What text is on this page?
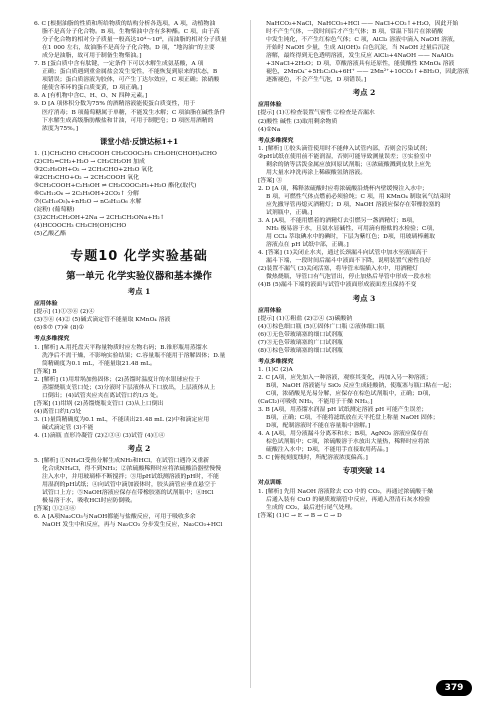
6. C [根据油脂的性质和所给物质的结构分析各选项，A 项，动植物油
脂不是高分子化合物。B 项，生物柴油中含有多种酯。C 项，由于高
分子化合物的相对分子质量一般高达10⁴～10⁶，而油脂的相对分子质量
在1 000 左右，故油脂不是高分子化合物。D 项，“地沟油”的主要
成分是油脂，故可用于制备生物柴油。]
7. B [蛋白质中含有肽键，一定条件下可以水解生成氨基酸，A 项
正确；蛋白质遇到重金属盐会发生变性，不能恢复到原来的状态，B
项错误；蛋白质溶液为胶体，可产生丁达尔效应，C 项正确；浓硝酸
能使含苯环的蛋白质变黄，D 项正确。]
8. A [有机物中含C、H、O、N 四种元素。]
9. D [A 项体积分数为75% 的酒精溶液能使蛋白质变性，用于
医疗消毒；B 项葡萄糖属于单糖，不能发生水解；C 项油脂在碱性条件
下水解生成高级脂肪酸盐和甘油，可用于制肥皂；D 项医用酒精的
浓度为75%。]
课堂小结·反馈达标1+1
1. (1)CH₃CHO CH₃COOH CH₃COOC₂H₅ CH₂OH(CHOH)₄CHO
(2)CH₂=CH₂+H₂O → CH₃CH₂OH 加成
③2C₂H₅OH+O₂ → 2CH₃CHO+2H₂O 氧化
④2CH₃CHO+O₂ → 2CH₃COOH 氧化
⑤CH₃COOH+C₂H₅OH ⇌ CH₃COOC₂H₅+H₂O 酯化(取代)
⑥C₆H₁₂O₆ → 2C₂H₅OH+2CO₂↑ 分解
⑦(C₆H₁₀O₅)ₙ+nH₂O → nC₆H₁₂O₆ 水解
(淀粉) (葡萄糖)
(3)2CH₃CH₂OH+2Na → 2CH₃CH₂ONa+H₂↑
(4)HCOOCH₃ CH₃CH(OH)CHO
(5)乙酸乙酯
专题10 化学实验基础
第一单元 化学实验仪器和基本操作
考点 1
应用体验
[提示] (1)①③⑥ (2)④
(3)⑤⑥ (4)② (5)碱式滴定管不能量取 KMnO₄ 溶液
(6)⑤⑦ (7)④ (8)①
考点多维探究
1. [解析] A.用托盘天平称量物质时应左物右码；B.锥形瓶用蒸馏水
洗净后不需干燥，不影响实验结果；C.容量瓶不能用于溶解固体；D.量
筒精确度为0.1 mL，不能量取21.48 mL。
[答案] B
2. [解析] (1)用坩埚加热固体；(2)蒸馏时温度计的水银球应位于
蒸馏烧瓶支管口处；(3)分液时下层液体从下口放出，上层液体从上
口倒出；(4)试管夹应夹在离试管口约1/3 处。
[答案] (1)坩埚 (2)蒸馏烧瓶支管口 (3)从上口倒出
(4)离管口约1/3处
3. (1)量筒精确度为0.1 mL，不能读出21.48 mL (2)中和滴定应用
碱式滴定管 (3)不能
4. (1)滴瓶 直形冷凝管 (2)②③④ (3)试管 (4)①④
考点 2
5. [解析] ①NH₄Cl受热分解生成NH₃和HCl，在试管口遇冷又重新
化合成NH₄Cl，得不到NH₃；②浓硫酸稀释时应将浓硫酸沿器壁慢慢
注入水中，并用玻璃棒不断搅拌；③用pH试纸测溶液的pH时，不能
用湿润的pH试纸；④向试管中滴加液体时，胶头滴管应垂直悬空于
试管口上方；⑤NaOH溶液应保存在带橡胶塞的试剂瓶中；⑥HCl
极易溶于水，吸收HCl时应防倒吸。
[答案] ①②④⑥
6. A [A项Na₂CO₃与NaOH都能与盐酸反应，可用于吸收多余
NaOH 发生中和反应，再与 Na₂CO₃ 分步发生反应，Na₂CO₃+HCl
NaHCO₃+NaCl，NaHCO₃+HCl —— NaCl+CO₂↑+H₂O，因此开始
时不产生气体，一段时间后才产生气体；B 项，常温下铝片在浓硝酸
中发生钝化，不产生红棕色气体；C 项，AlCl₃ 溶液中滴入 NaOH 溶液，
开始时 NaOH 少量，生成 Al(OH)₃ 白色沉淀，当 NaOH 过量后沉淀
溶解，最终得到无色透明溶液，发生反应 AlCl₃+4NaOH —— NaAlO₂
+3NaCl+2H₂O；D 项，草酸溶液具有还原性，能使酸性 KMnO₄ 溶液
褪色，2MnO₄⁻+5H₂C₂O₄+6H⁺ —— 2Mn²⁺+10CO₂↑+8H₂O，因此溶液
逐渐褪色，不会产生气泡，D 项错误。]
考点 2
应用体验
[提示] (1)①检查装置气密性 ②检查是否漏水
(2)酸性 碱性 (3)取用剩余物质
(4)①Na
考点多维探究
1. [解析] ①胶头滴管使用时不能伸入试管内部，否则会污染试剂；
②pH试纸在使用前不能润湿，否则可能导致测量误差；③实验室中
剩余的钠等活泼金属应放回原试剂瓶；④浓硫酸溅到皮肤上应先
用大量水冲洗再涂上稀碳酸氢钠溶液。
[答案] ③
2. D [A 项，稀释浓硫酸时应将浓硫酸沿烧杯内壁缓慢注入水中；
B 项，可燃性气体点燃前必须验纯；C 项，用 KMnO₄ 制取氧气结束时
应先撤导管再熄灭酒精灯；D 项，NaOH 溶液应保存在带橡胶塞的
试剂瓶中，正确。]
3. A [A项，不能用燃着的酒精灯去引燃另一盏酒精灯；B项，
NH₃ 极易溶于水，且氨水显碱性，可用滴有酚酞的水检验；C项，
用 CCl₄ 萃取碘水中的碘时，下层为紫红色；D项，用玻璃棒蘸取
溶液点在 pH 试纸中部，正确。]
4. [答案] (1)关闭止水夹，通过长颈漏斗向试管中加水至液面高于
漏斗下端，一段时间后漏斗中液面不下降，说明装置气密性良好
(2)装置不漏气 (3)关闭活塞，将导管末端插入水中，用酒精灯
微热烧瓶，导管口有气泡冒出，停止加热后导管中形成一段水柱
(4)B (5)漏斗下端的液面与试管中液面形成液面差且保持不变
考点 3
应用体验
[提示] (1)①粗盐 (2)②④ (3)碳酸钠
(4)①棕色细口瓶 (5)①固体广口瓶 ②液体细口瓶
(6)①无色带玻璃塞的细口试剂瓶
(7)③无色带玻璃塞的广口试剂瓶
(8)①棕色带玻璃塞的细口试剂瓶
考点多维探究
1. (1)C (2)A
2. C [A项，应先加入一种溶液，观察其变化，再加入另一种溶液；
B项，NaOH 溶液能与 SiO₂ 反应生成硅酸钠，使瓶塞与瓶口粘在一起；
C项，浓硝酸见光易分解，应保存在棕色试剂瓶中，正确；D项，
(CaCl₂)可吸收 NH₃，不能用于干燥 NH₃。]
3. B [A项，用蒸馏水润湿 pH 试纸测定溶液 pH 可能产生误差；
B项，正确；C项，不能将滤纸放在天平托盘上称量 NaOH 固体；
D项，配制溶液时不能在容量瓶中溶解。]
4. A [A项，用分液漏斗分离苯和水；B项，AgNO₃ 溶液应保存在
棕色试剂瓶中；C项，浓硫酸溶于水放出大量热，稀释时应将浓
硫酸注入水中；D项，不能用手直接取用药品。]
5. C [俯视刻度线时，所配溶液浓度偏高。]
专项突破 14
对点训练
1. [解析] 先用 NaOH 溶液除去 CO 中的 CO₂，再通过浓硫酸干燥
后通入装有 CuO 的硬质玻璃管中反应，再通入澄清石灰水检验
生成的 CO₂，最后进行尾气处理。
[答案] (1)C → E → B → C → D
379
